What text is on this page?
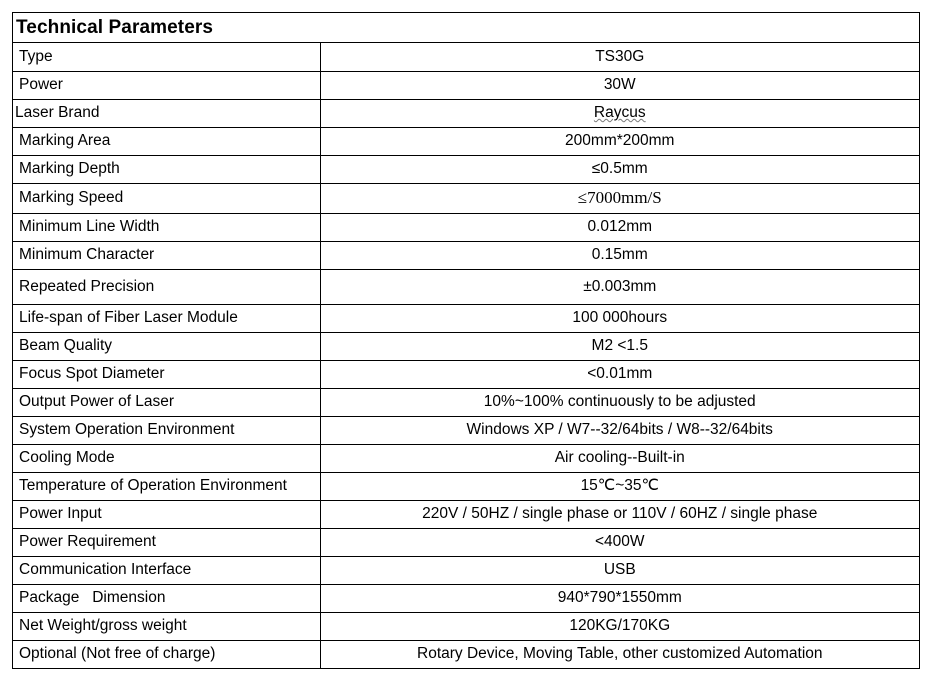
Technical Parameters
Type	TS30G
Power	30W
Laser Brand	Raycus
Marking Area	200mm*200mm
Marking Depth	≤0.5mm
Marking Speed	≤7000mm/S
Minimum Line Width	0.012mm
Minimum Character	0.15mm
Repeated Precision	±0.003mm
Life-span of Fiber Laser Module	100 000hours
Beam Quality	M2 <1.5
Focus Spot Diameter	<0.01mm
Output Power of Laser	10%~100% continuously to be adjusted
System Operation Environment	Windows XP / W7--32/64bits / W8--32/64bits
Cooling Mode	Air cooling--Built-in
Temperature of Operation Environment	15℃~35℃
Power Input	220V / 50HZ / single phase or 110V / 60HZ / single phase
Power Requirement	<400W
Communication Interface	USB
Package   Dimension	940*790*1550mm
Net Weight/gross weight	120KG/170KG
Optional (Not free of charge)	Rotary Device, Moving Table, other customized Automation
